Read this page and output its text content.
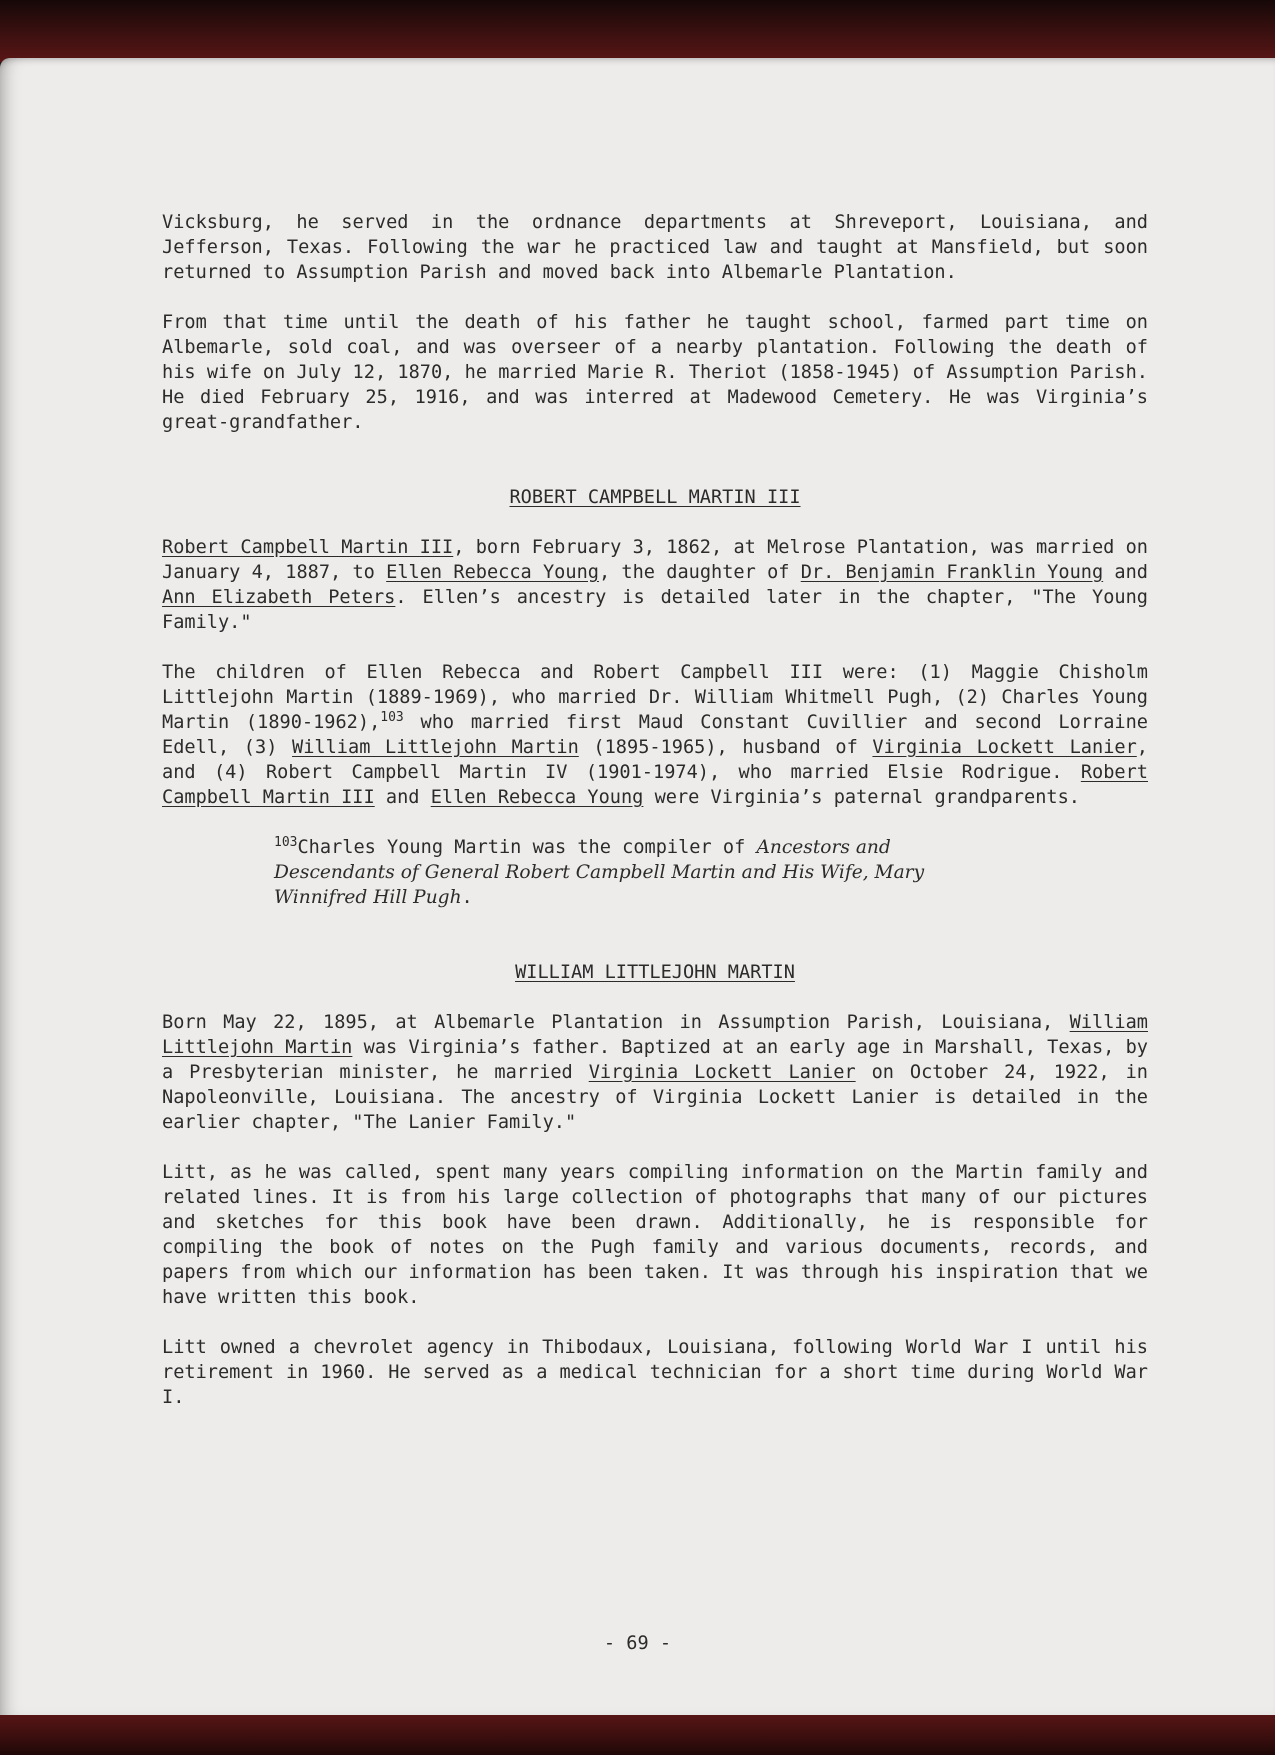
Vicksburg, he served in the ordnance departments at Shreveport, Louisiana, and Jefferson, Texas. Following the war he practiced law and taught at Mansfield, but soon returned to Assumption Parish and moved back into Albemarle Plantation.

From that time until the death of his father he taught school, farmed part time on Albemarle, sold coal, and was overseer of a nearby plantation. Following the death of his wife on July 12, 1870, he married Marie R. Theriot (1858-1945) of Assumption Parish. He died February 25, 1916, and was interred at Madewood Cemetery. He was Virginia’s great-grandfather.

ROBERT CAMPBELL MARTIN III

Robert Campbell Martin III, born February 3, 1862, at Melrose Plantation, was married on January 4, 1887, to Ellen Rebecca Young, the daughter of Dr. Benjamin Franklin Young and Ann Elizabeth Peters. Ellen’s ancestry is detailed later in the chapter, "The Young Family."

The children of Ellen Rebecca and Robert Campbell III were: (1) Maggie Chisholm Littlejohn Martin (1889-1969), who married Dr. William Whitmell Pugh, (2) Charles Young Martin (1890-1962),$^{103}$ who married first Maud Constant Cuvillier and second Lorraine Edell, (3) William Littlejohn Martin (1895-1965), husband of Virginia Lockett Lanier, and (4) Robert Campbell Martin IV (1901-1974), who married Elsie Rodrigue. Robert Campbell Martin III and Ellen Rebecca Young were Virginia’s paternal grandparents.

$^{103}$Charles Young Martin was the compiler of Ancestors and Descendants of General Robert Campbell Martin and His Wife, Mary Winnifred Hill Pugh.

WILLIAM LITTLEJOHN MARTIN

Born May 22, 1895, at Albemarle Plantation in Assumption Parish, Louisiana, William Littlejohn Martin was Virginia’s father. Baptized at an early age in Marshall, Texas, by a Presbyterian minister, he married Virginia Lockett Lanier on October 24, 1922, in Napoleonville, Louisiana. The ancestry of Virginia Lockett Lanier is detailed in the earlier chapter, "The Lanier Family."

Litt, as he was called, spent many years compiling information on the Martin family and related lines. It is from his large collection of photographs that many of our pictures and sketches for this book have been drawn. Additionally, he is responsible for compiling the book of notes on the Pugh family and various documents, records, and papers from which our information has been taken. It was through his inspiration that we have written this book.

Litt owned a chevrolet agency in Thibodaux, Louisiana, following World War I until his retirement in 1960. He served as a medical technician for a short time during World War I.

- 69 -
